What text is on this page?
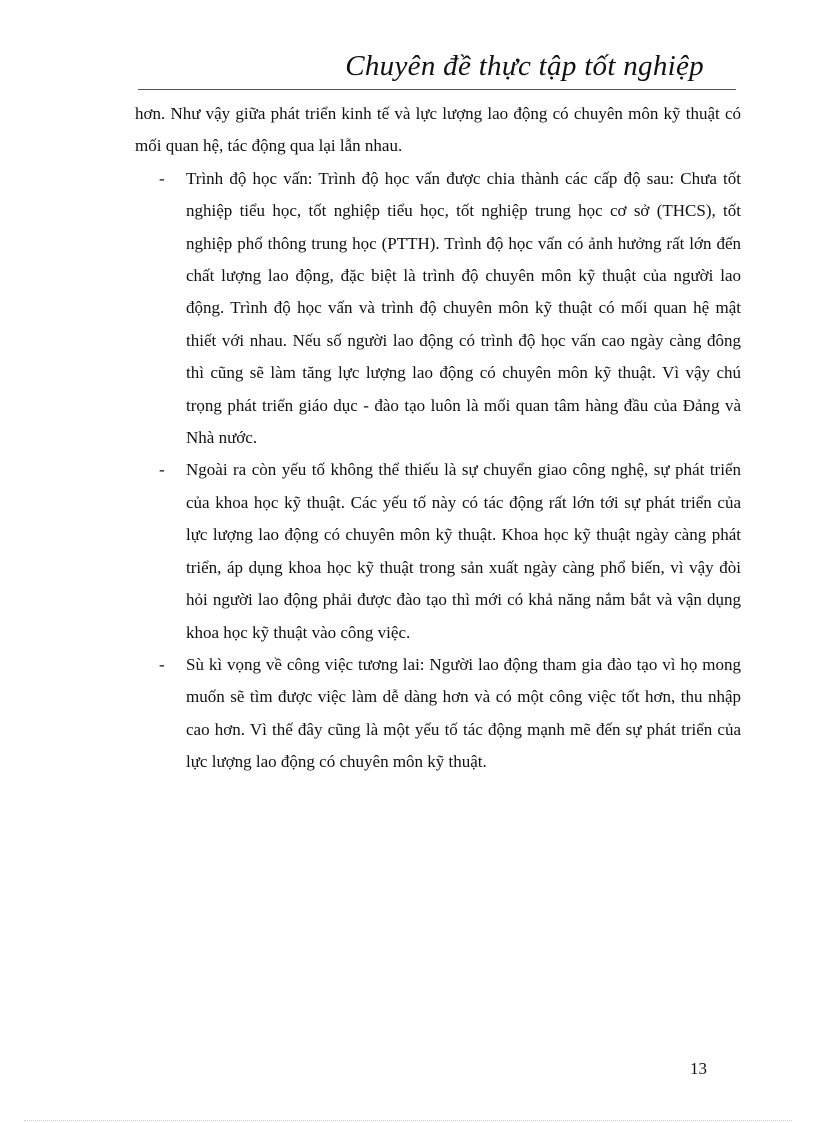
Chuyên đề thực tập tốt nghiệp

hơn. Như vậy giữa phát triển kinh tế và lực lượng lao động có chuyên môn kỹ thuật có mối quan hệ, tác động qua lại lẫn nhau.

- Trình độ học vấn: Trình độ học vấn được chia thành các cấp độ sau: Chưa tốt nghiệp tiểu học, tốt nghiệp tiểu học, tốt nghiệp trung học cơ sở (THCS), tốt nghiệp phổ thông trung học (PTTH). Trình độ học vấn có ảnh hưởng rất lớn đến chất lượng lao động, đặc biệt là trình độ chuyên môn kỹ thuật của người lao động. Trình độ học vấn và trình độ chuyên môn kỹ thuật có mối quan hệ mật thiết với nhau. Nếu số người lao động có trình độ học vấn cao ngày càng đông thì cũng sẽ làm tăng lực lượng lao động có chuyên môn kỹ thuật. Vì vậy chú trọng phát triển giáo dục - đào tạo luôn là mối quan tâm hàng đầu của Đảng và Nhà nước.
- Ngoài ra còn yếu tố không thể thiếu là sự chuyển giao công nghệ, sự phát triển của khoa học kỹ thuật. Các yếu tố này có tác động rất lớn tới sự phát triển của lực lượng lao động có chuyên môn kỹ thuật. Khoa học kỹ thuật ngày càng phát triển, áp dụng khoa học kỹ thuật trong sản xuất ngày càng phổ biến, vì vậy đòi hỏi người lao động phải được đào tạo thì mới có khả năng nắm bắt và vận dụng khoa học kỹ thuật vào công việc.
- Sù kì vọng về công việc tương lai: Người lao động tham gia đào tạo vì họ mong muốn sẽ tìm được việc làm dễ dàng hơn và có một công việc tốt hơn, thu nhập cao hơn. Vì thế đây cũng là một yếu tố tác động mạnh mẽ đến sự phát triển của lực lượng lao động có chuyên môn kỹ thuật.
13
